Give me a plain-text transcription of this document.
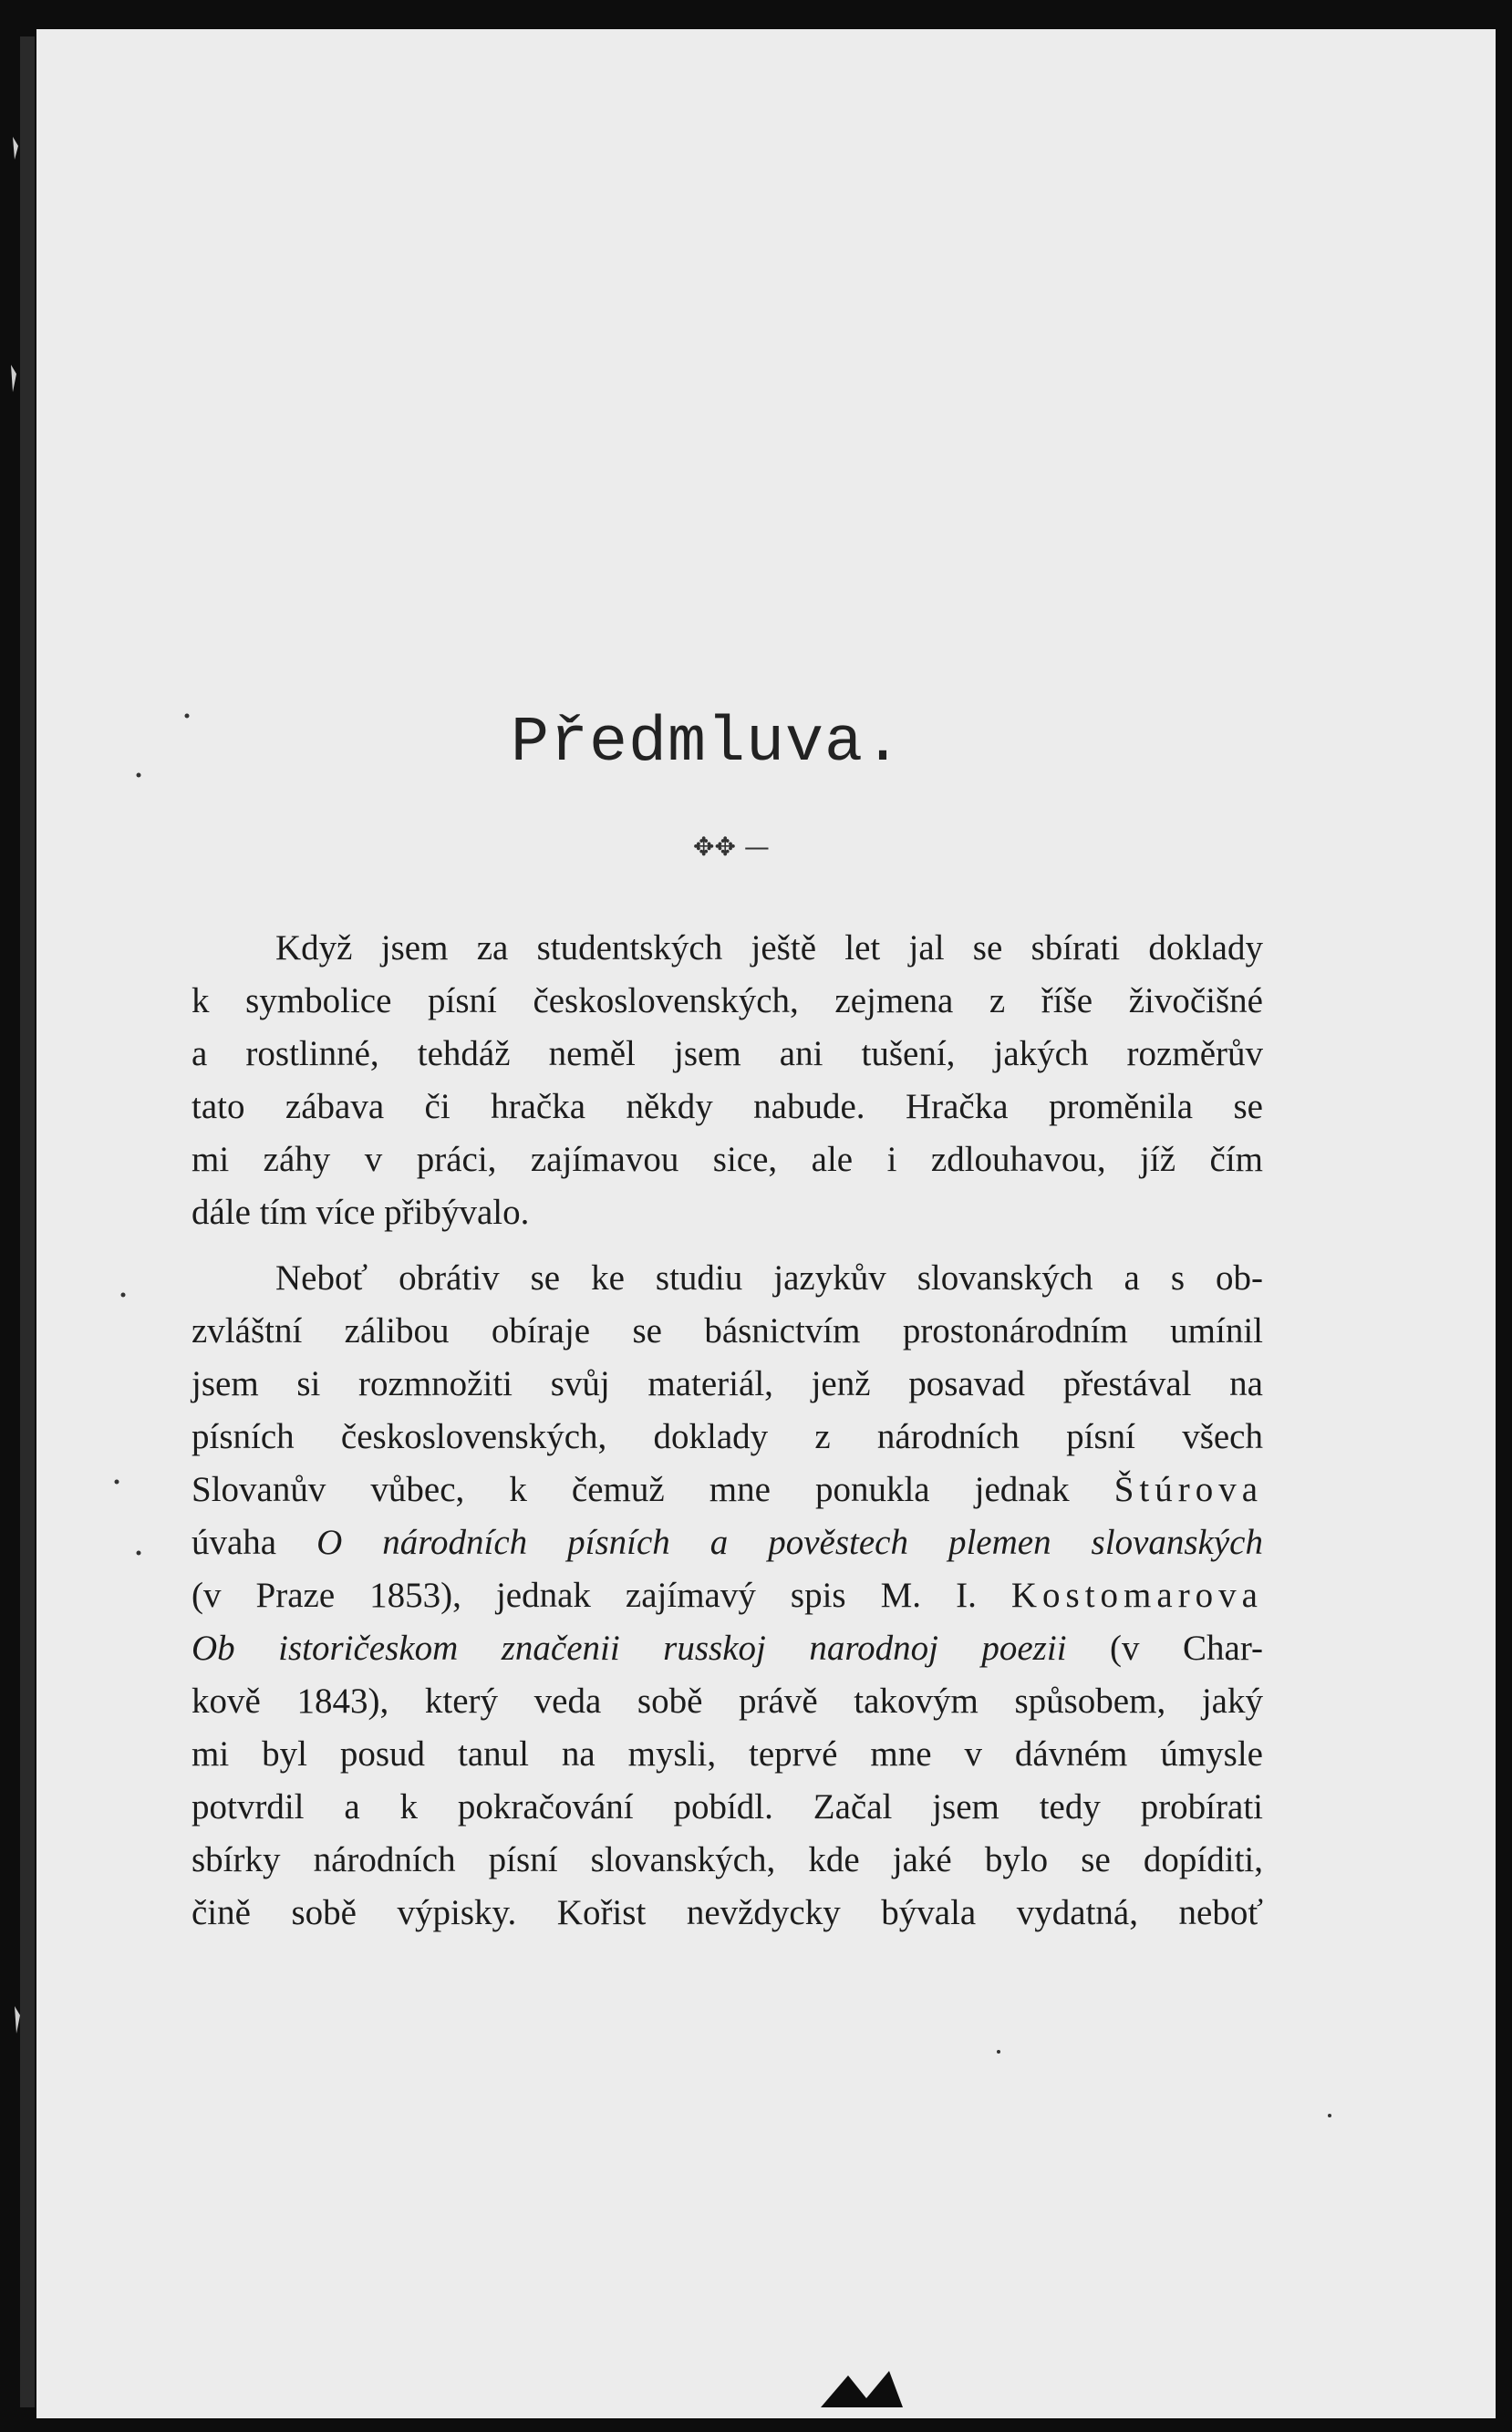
Předmluva.
✥✥ —
Když jsem za studentských ještě let jal se sbírati doklady
k symbolice písní československých, zejmena z říše živočišné
a rostlinné, tehdáž neměl jsem ani tušení, jakých rozměrův
tato zábava či hračka někdy nabude. Hračka proměnila se
mi záhy v práci, zajímavou sice, ale i zdlouhavou, jíž čím
dále tím více přibývalo.
Neboť obrátiv se ke studiu jazykův slovanských a s ob-
zvláštní zálibou obíraje se básnictvím prostonárodním umínil
jsem si rozmnožiti svůj materiál, jenž posavad přestával na
písních československých, doklady z národních písní všech
Slovanův vůbec, k čemuž mne ponukla jednak Štúrova
úvaha O národních písních a pověstech plemen slovanských
(v Praze 1853), jednak zajímavý spis M. I. Kostomarova
Ob istoričeskom značenii russkoj narodnoj poezii (v Char-
kově 1843), který veda sobě právě takovým spůsobem, jaký
mi byl posud tanul na mysli, teprvé mne v dávném úmysle
potvrdil a k pokračování pobídl. Začal jsem tedy probírati
sbírky národních písní slovanských, kde jaké bylo se dopíditi,
čině sobě výpisky. Kořist nevždycky bývala vydatná, neboť
